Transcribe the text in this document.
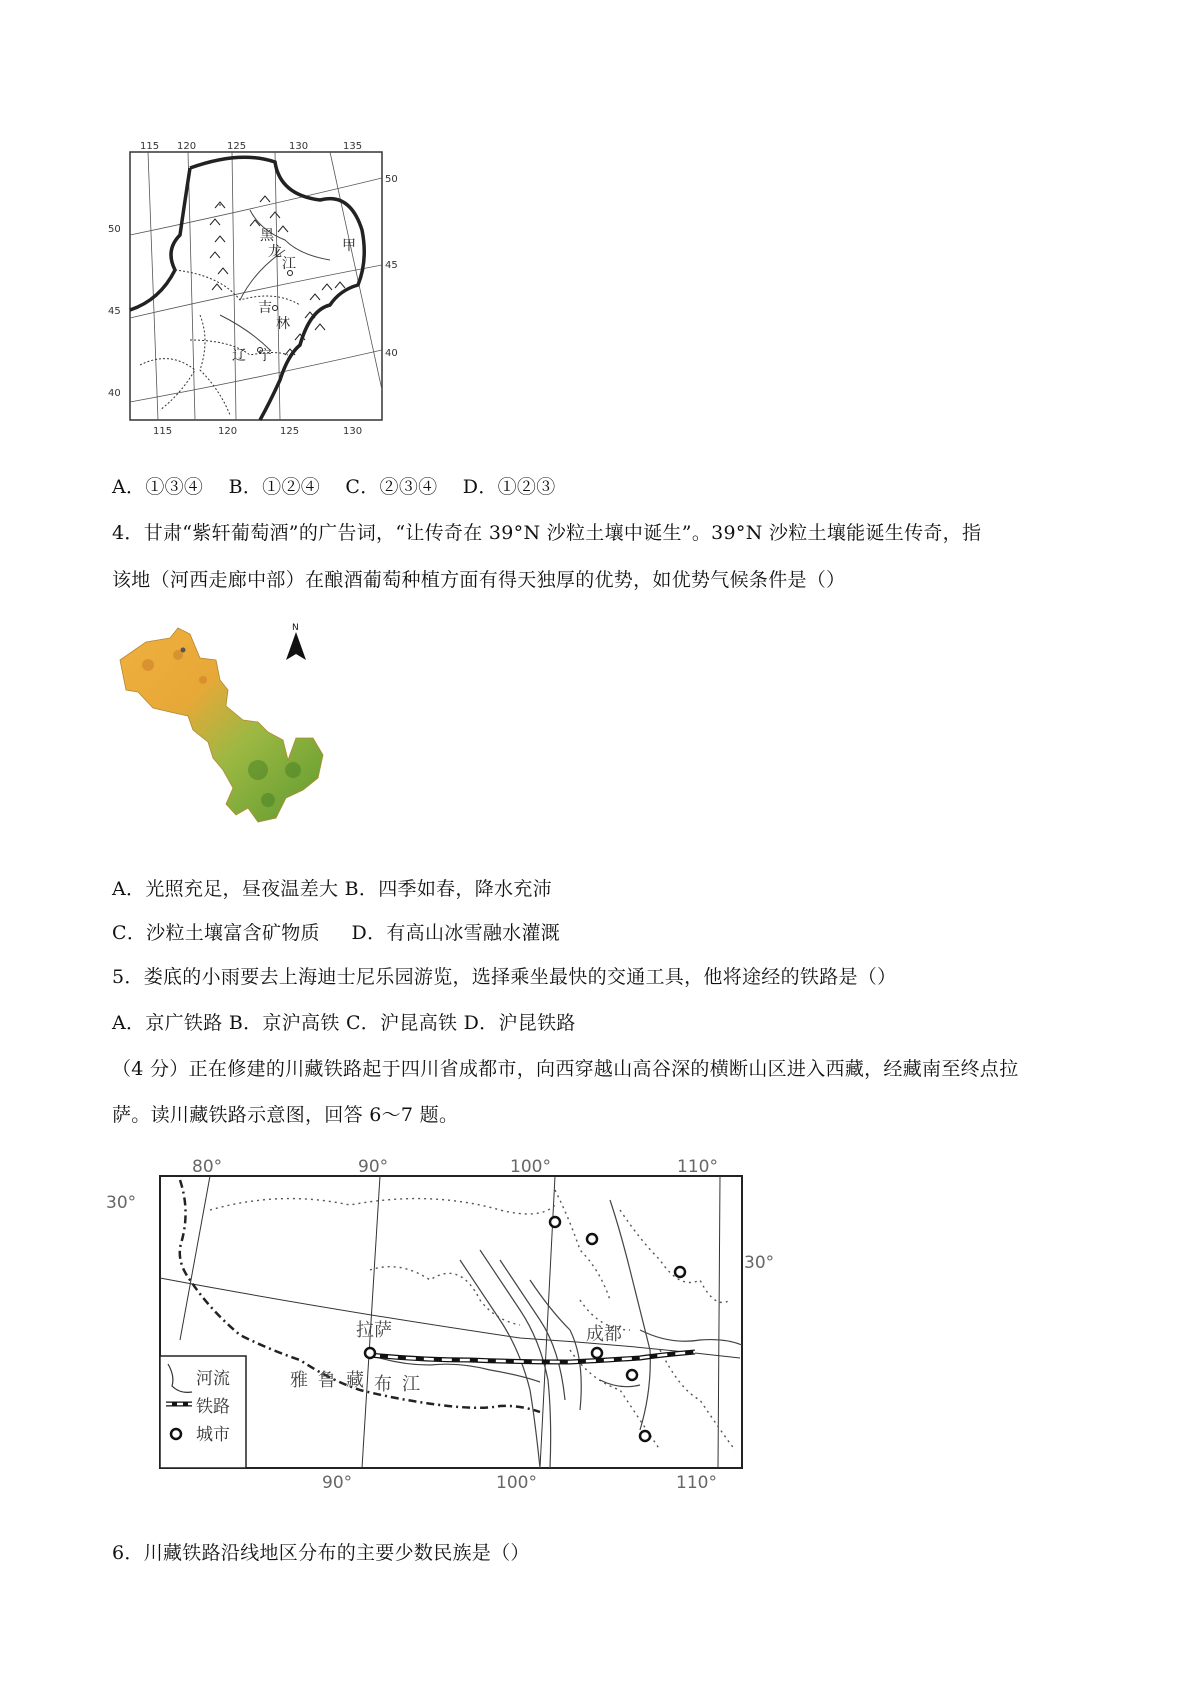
115 120	125	130	135
115	120	125	130
50
45
40
50
45
40
黑
龙
江
甲
吉
林
辽 宁
A．①③④    B．①②④    C．②③④    D．①②③
4．甘肃“紫轩葡萄酒”的广告词，“让传奇在 39°N 沙粒土壤中诞生”。39°N 沙粒土壤能诞生传奇，指
该地（河西走廊中部）在酿酒葡萄种植方面有得天独厚的优势，如优势气候条件是（）
N
A．光照充足，昼夜温差大 B．四季如春，降水充沛
C．沙粒土壤富含矿物质     D．有高山冰雪融水灌溉
5．娄底的小雨要去上海迪士尼乐园游览，选择乘坐最快的交通工具，他将途经的铁路是（）
A．京广铁路 B．京沪高铁 C．沪昆高铁 D．沪昆铁路
（4 分）正在修建的川藏铁路起于四川省成都市，向西穿越山高谷深的横断山区进入西藏，经藏南至终点拉
萨。读川藏铁路示意图，回答 6～7 题。
河流
铁路
城市
80°	90°	100°	110°
90°	100°	110°
30°
30°
拉萨	成都
雅 鲁 藏 布 江
6．川藏铁路沿线地区分布的主要少数民族是（）
